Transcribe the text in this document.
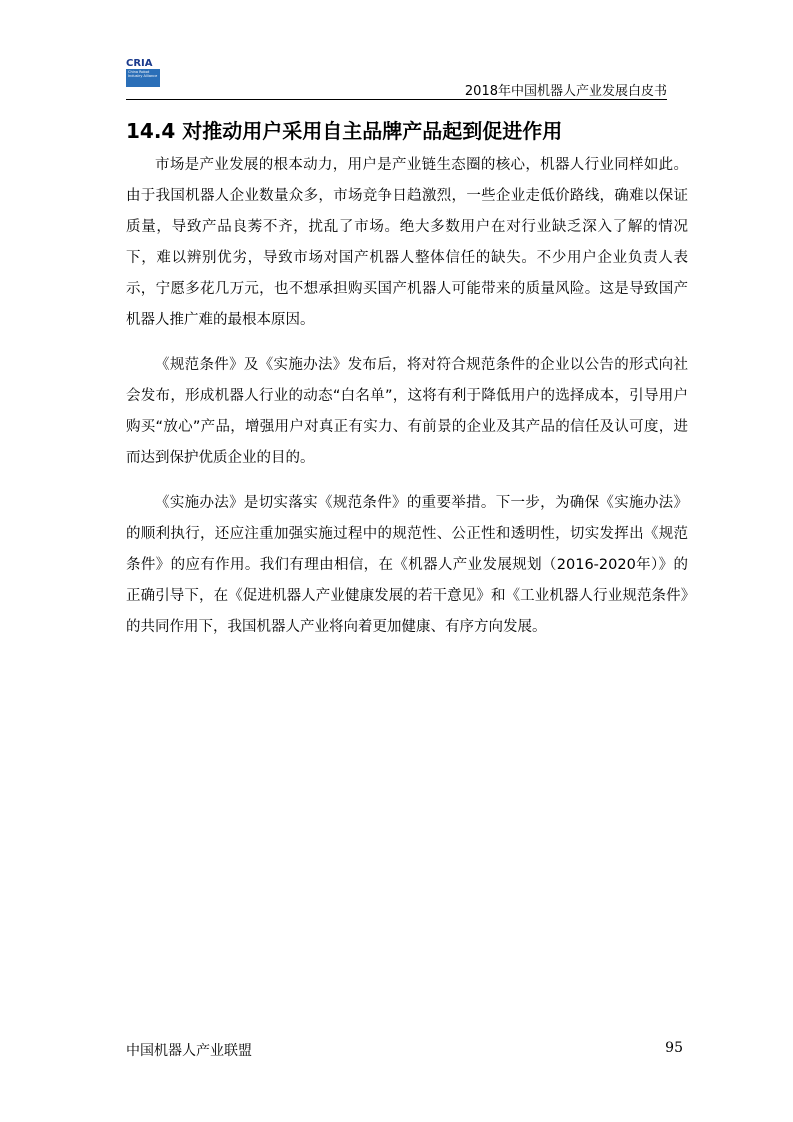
CRIA
China Robot Industry Alliance
2018年中国机器人产业发展白皮书
14.4 对推动用户采用自主品牌产品起到促进作用

市场是产业发展的根本动力，用户是产业链生态圈的核心，机器人行业同样如此。由于我国机器人企业数量众多，市场竞争日趋激烈，一些企业走低价路线，确难以保证质量，导致产品良莠不齐，扰乱了市场。绝大多数用户在对行业缺乏深入了解的情况下，难以辨别优劣，导致市场对国产机器人整体信任的缺失。不少用户企业负责人表示，宁愿多花几万元，也不想承担购买国产机器人可能带来的质量风险。这是导致国产机器人推广难的最根本原因。

《规范条件》及《实施办法》发布后，将对符合规范条件的企业以公告的形式向社会发布，形成机器人行业的动态“白名单”，这将有利于降低用户的选择成本，引导用户购买“放心”产品，增强用户对真正有实力、有前景的企业及其产品的信任及认可度，进而达到保护优质企业的目的。

《实施办法》是切实落实《规范条件》的重要举措。下一步，为确保《实施办法》的顺利执行，还应注重加强实施过程中的规范性、公正性和透明性，切实发挥出《规范条件》的应有作用。我们有理由相信，在《机器人产业发展规划（2016-2020年）》的正确引导下，在《促进机器人产业健康发展的若干意见》和《工业机器人行业规范条件》的共同作用下，我国机器人产业将向着更加健康、有序方向发展。

中国机器人产业联盟	95
